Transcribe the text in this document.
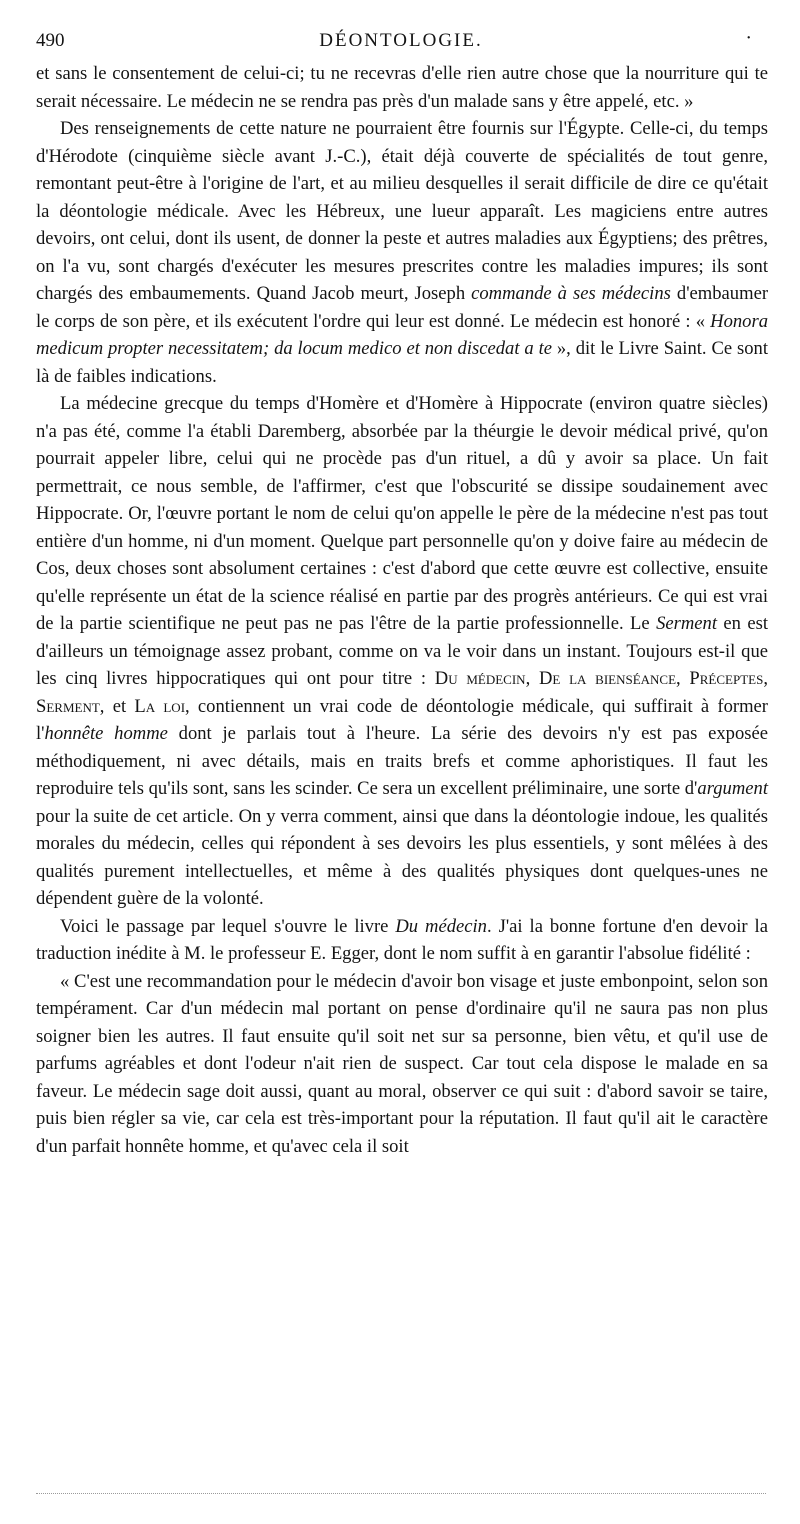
490	DÉONTOLOGIE.	·

et sans le consentement de celui-ci; tu ne recevras d'elle rien autre chose que la nourriture qui te serait nécessaire. Le médecin ne se rendra pas près d'un malade sans y être appelé, etc. »

Des renseignements de cette nature ne pourraient être fournis sur l'Égypte. Celle-ci, du temps d'Hérodote (cinquième siècle avant J.-C.), était déjà couverte de spécialités de tout genre, remontant peut-être à l'origine de l'art, et au milieu desquelles il serait difficile de dire ce qu'était la déontologie médicale. Avec les Hébreux, une lueur apparaît. Les magiciens entre autres devoirs, ont celui, dont ils usent, de donner la peste et autres maladies aux Égyptiens; des prêtres, on l'a vu, sont chargés d'exécuter les mesures prescrites contre les maladies impures; ils sont chargés des embaumements. Quand Jacob meurt, Joseph commande à ses médecins d'embaumer le corps de son père, et ils exécutent l'ordre qui leur est donné. Le médecin est honoré : « Honora medicum propter necessitatem; da locum medico et non discedat a te », dit le Livre Saint. Ce sont là de faibles indications.

La médecine grecque du temps d'Homère et d'Homère à Hippocrate (environ quatre siècles) n'a pas été, comme l'a établi Daremberg, absorbée par la théurgie le devoir médical privé, qu'on pourrait appeler libre, celui qui ne procède pas d'un rituel, a dû y avoir sa place. Un fait permettrait, ce nous semble, de l'affirmer, c'est que l'obscurité se dissipe soudainement avec Hippocrate. Or, l'œuvre portant le nom de celui qu'on appelle le père de la médecine n'est pas tout entière d'un homme, ni d'un moment. Quelque part personnelle qu'on y doive faire au médecin de Cos, deux choses sont absolument certaines : c'est d'abord que cette œuvre est collective, ensuite qu'elle représente un état de la science réalisé en partie par des progrès antérieurs. Ce qui est vrai de la partie scientifique ne peut pas ne pas l'être de la partie professionnelle. Le Serment en est d'ailleurs un témoignage assez probant, comme on va le voir dans un instant. Toujours est-il que les cinq livres hippocratiques qui ont pour titre : Du médecin, De la bienséance, Préceptes, Serment, et La loi, contiennent un vrai code de déontologie médicale, qui suffirait à former l'honnête homme dont je parlais tout à l'heure. La série des devoirs n'y est pas exposée méthodiquement, ni avec détails, mais en traits brefs et comme aphoristiques. Il faut les reproduire tels qu'ils sont, sans les scinder. Ce sera un excellent préliminaire, une sorte d'argument pour la suite de cet article. On y verra comment, ainsi que dans la déontologie indoue, les qualités morales du médecin, celles qui répondent à ses devoirs les plus essentiels, y sont mêlées à des qualités purement intellectuelles, et même à des qualités physiques dont quelques-unes ne dépendent guère de la volonté.

Voici le passage par lequel s'ouvre le livre Du médecin. J'ai la bonne fortune d'en devoir la traduction inédite à M. le professeur E. Egger, dont le nom suffit à en garantir l'absolue fidélité :

« C'est une recommandation pour le médecin d'avoir bon visage et juste embonpoint, selon son tempérament. Car d'un médecin mal portant on pense d'ordinaire qu'il ne saura pas non plus soigner bien les autres. Il faut ensuite qu'il soit net sur sa personne, bien vêtu, et qu'il use de parfums agréables et dont l'odeur n'ait rien de suspect. Car tout cela dispose le malade en sa faveur. Le médecin sage doit aussi, quant au moral, observer ce qui suit : d'abord savoir se taire, puis bien régler sa vie, car cela est très-important pour la réputation. Il faut qu'il ait le caractère d'un parfait honnête homme, et qu'avec cela il soit
